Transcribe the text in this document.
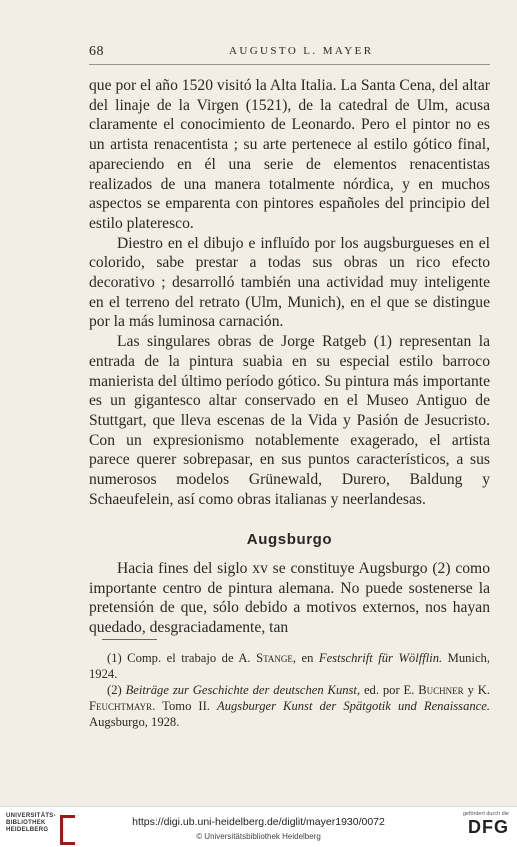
68	AUGUSTO L. MAYER

que por el año 1520 visitó la Alta Italia. La Santa Cena, del altar del linaje de la Virgen (1521), de la catedral de Ulm, acusa claramente el conocimiento de Leonardo. Pero el pintor no es un artista renacentista ; su arte pertenece al estilo gótico final, apareciendo en él una serie de elementos renacentistas realizados de una manera totalmente nórdica, y en muchos aspectos se emparenta con pintores españoles del principio del estilo plateresco.

Diestro en el dibujo e influído por los augsburgueses en el colorido, sabe prestar a todas sus obras un rico efecto decorativo ; desarrolló también una actividad muy inteligente en el terreno del retrato (Ulm, Munich), en el que se distingue por la más luminosa carnación.

Las singulares obras de Jorge Ratgeb (1) representan la entrada de la pintura suabia en su especial estilo barroco manierista del último período gótico. Su pintura más importante es un gigantesco altar conservado en el Museo Antiguo de Stuttgart, que lleva escenas de la Vida y Pasión de Jesucristo. Con un expresionismo notablemente exagerado, el artista parece querer sobrepasar, en sus puntos característicos, a sus numerosos modelos Grünewald, Durero, Baldung y Schaeufelein, así como obras italianas y neerlandesas.

Augsburgo

Hacia fines del siglo xv se constituye Augsburgo (2) como importante centro de pintura alemana. No puede sostenerse la pretensión de que, sólo debido a motivos externos, nos hayan quedado, desgraciadamente, tan

(1) Comp. el trabajo de A. Stange, en Festschrift für Wölfflin. Munich, 1924.

(2) Beiträge zur Geschichte der deutschen Kunst, ed. por E. Buchner y K. Feuchtmayr. Tomo II. Augsburger Kunst der Spätgotik und Renaissance. Augsburgo, 1928.

UNIVERSITÄTS-
BIBLIOTHEK
HEIDELBERG
https://digi.ub.uni-heidelberg.de/diglit/mayer1930/0072
© Universitätsbibliothek Heidelberg
gefördert durch die
DFG
